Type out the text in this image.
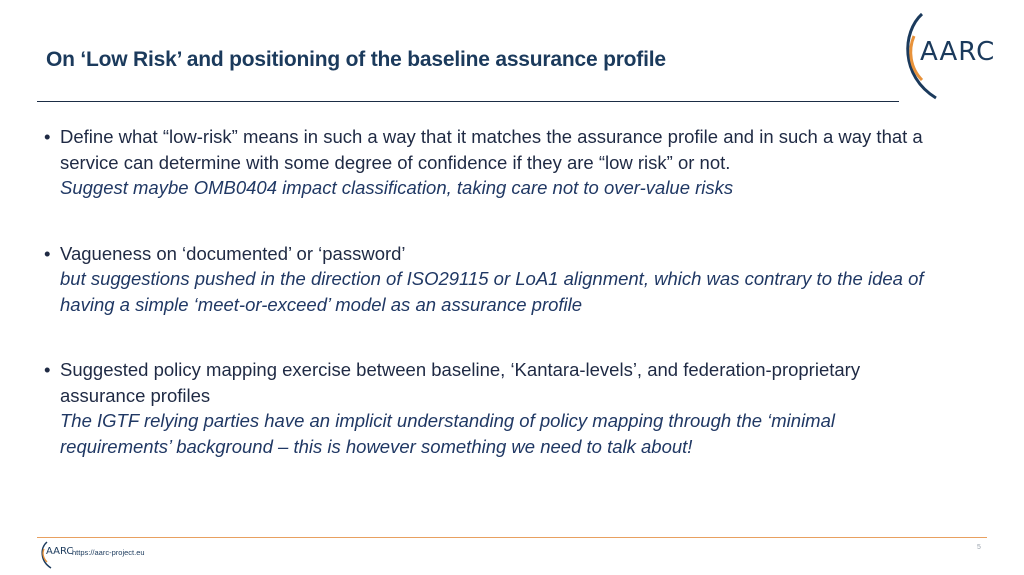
On ‘Low Risk’ and positioning of the baseline assurance profile	AARC
• Define what “low-risk” means in such a way that it matches the assurance profile and in such a way that a service can determine with some degree of confidence if they are “low risk” or not.
Suggest maybe OMB0404 impact classification, taking care not to over-value risks
• Vagueness on ‘documented’ or ‘password’
but suggestions pushed in the direction of ISO29115 or LoA1 alignment, which was contrary to the idea of having a simple ‘meet-or-exceed’ model as an assurance profile
• Suggested policy mapping exercise between baseline, ‘Kantara-levels’, and federation-proprietary assurance profiles
The IGTF relying parties have an implicit understanding of policy mapping through the ‘minimal requirements’ background – this is however something we need to talk about!
AARC
https://aarc-project.eu
5
